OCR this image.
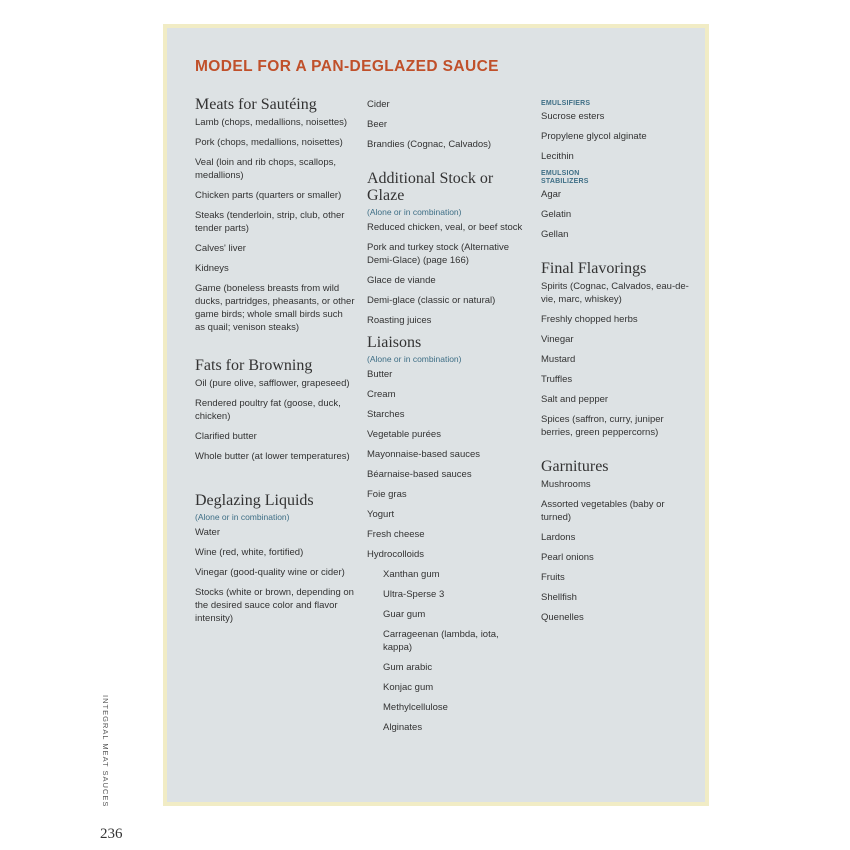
MODEL FOR A PAN-DEGLAZED SAUCE
Meats for Sautéing
Lamb (chops, medallions, noisettes)
Pork (chops, medallions, noisettes)
Veal (loin and rib chops, scallops, medallions)
Chicken parts (quarters or smaller)
Steaks (tenderloin, strip, club, other tender parts)
Calves' liver
Kidneys
Game (boneless breasts from wild ducks, partridges, pheasants, or other game birds; whole small birds such as quail; venison steaks)
Fats for Browning
Oil (pure olive, safflower, grapeseed)
Rendered poultry fat (goose, duck, chicken)
Clarified butter
Whole butter (at lower temperatures)
Deglazing Liquids
(Alone or in combination)
Water
Wine (red, white, fortified)
Vinegar (good-quality wine or cider)
Stocks (white or brown, depending on the desired sauce color and flavor intensity)
Cider
Beer
Brandies (Cognac, Calvados)
Additional Stock or Glaze
(Alone or in combination)
Reduced chicken, veal, or beef stock
Pork and turkey stock (Alternative Demi-Glace) (page 166)
Glace de viande
Demi-glace (classic or natural)
Roasting juices
Liaisons
(Alone or in combination)
Butter
Cream
Starches
Vegetable purées
Mayonnaise-based sauces
Béarnaise-based sauces
Foie gras
Yogurt
Fresh cheese
Hydrocolloids
Xanthan gum
Ultra-Sperse 3
Guar gum
Carrageenan (lambda, iota, kappa)
Gum arabic
Konjac gum
Methylcellulose
Alginates
EMULSIFIERS
Sucrose esters
Propylene glycol alginate
Lecithin
EMULSION STABILIZERS
Agar
Gelatin
Gellan
Final Flavorings
Spirits (Cognac, Calvados, eau-de-vie, marc, whiskey)
Freshly chopped herbs
Vinegar
Mustard
Truffles
Salt and pepper
Spices (saffron, curry, juniper berries, green peppercorns)
Garnitures
Mushrooms
Assorted vegetables (baby or turned)
Lardons
Pearl onions
Fruits
Shellfish
Quenelles
INTEGRAL MEAT SAUCES
236
